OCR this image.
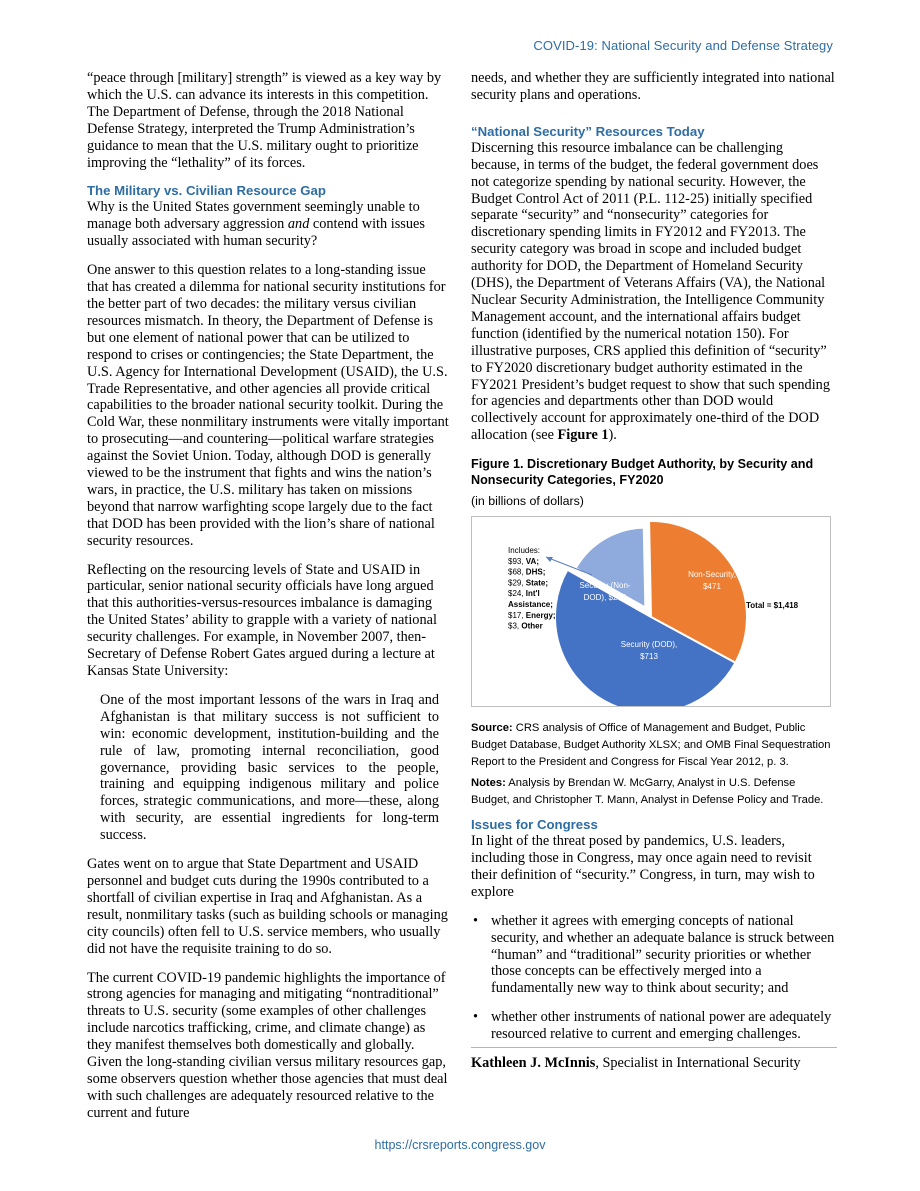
COVID-19: National Security and Defense Strategy

“peace through [military] strength” is viewed as a key way by which the U.S. can advance its interests in this competition. The Department of Defense, through the 2018 National Defense Strategy, interpreted the Trump Administration’s guidance to mean that the U.S. military ought to prioritize improving the “lethality” of its forces.

The Military vs. Civilian Resource Gap

Why is the United States government seemingly unable to manage both adversary aggression and contend with issues usually associated with human security?

One answer to this question relates to a long-standing issue that has created a dilemma for national security institutions for the better part of two decades: the military versus civilian resources mismatch. In theory, the Department of Defense is but one element of national power that can be utilized to respond to crises or contingencies; the State Department, the U.S. Agency for International Development (USAID), the U.S. Trade Representative, and other agencies all provide critical capabilities to the broader national security toolkit. During the Cold War, these nonmilitary instruments were vitally important to prosecuting—and countering—political warfare strategies against the Soviet Union. Today, although DOD is generally viewed to be the instrument that fights and wins the nation’s wars, in practice, the U.S. military has taken on missions beyond that narrow warfighting scope largely due to the fact that DOD has been provided with the lion’s share of national security resources.

Reflecting on the resourcing levels of State and USAID in particular, senior national security officials have long argued that this authorities-versus-resources imbalance is damaging the United States’ ability to grapple with a variety of national security challenges. For example, in November 2007, then-Secretary of Defense Robert Gates argued during a lecture at Kansas State University:

One of the most important lessons of the wars in Iraq and Afghanistan is that military success is not sufficient to win: economic development, institution-building and the rule of law, promoting internal reconciliation, good governance, providing basic services to the people, training and equipping indigenous military and police forces, strategic communications, and more—these, along with security, are essential ingredients for long-term success.

Gates went on to argue that State Department and USAID personnel and budget cuts during the 1990s contributed to a shortfall of civilian expertise in Iraq and Afghanistan. As a result, nonmilitary tasks (such as building schools or managing city councils) often fell to U.S. service members, who usually did not have the requisite training to do so.

The current COVID-19 pandemic highlights the importance of strong agencies for managing and mitigating “nontraditional” threats to U.S. security (some examples of other challenges include narcotics trafficking, crime, and climate change) as they manifest themselves both domestically and globally. Given the long-standing civilian versus military resources gap, some observers question whether those agencies that must deal with such challenges are adequately resourced relative to the current and future

needs, and whether they are sufficiently integrated into national security plans and operations.

“National Security” Resources Today

Discerning this resource imbalance can be challenging because, in terms of the budget, the federal government does not categorize spending by national security. However, the Budget Control Act of 2011 (P.L. 112-25) initially specified separate “security” and “nonsecurity” categories for discretionary spending limits in FY2012 and FY2013. The security category was broad in scope and included budget authority for DOD, the Department of Homeland Security (DHS), the Department of Veterans Affairs (VA), the National Nuclear Security Administration, the Intelligence Community Management account, and the international affairs budget function (identified by the numerical notation 150). For illustrative purposes, CRS applied this definition of “security” to FY2020 discretionary budget authority estimated in the FY2021 President’s budget request to show that such spending for agencies and departments other than DOD would collectively account for approximately one-third of the DOD allocation (see Figure 1).

Figure 1. Discretionary Budget Authority, by Security and Nonsecurity Categories, FY2020
(in billions of dollars)
Non-Security,
$471
Security (DOD),
$713
Security (Non-
DOD), $234
Total = $1,418
Includes: $93, VA; $68, DHS; $29, State; $24, Int'l Assistance; $17, Energy; $3, Other
Source: CRS analysis of Office of Management and Budget, Public Budget Database, Budget Authority XLSX; and OMB Final Sequestration Report to the President and Congress for Fiscal Year 2012, p. 3.
Notes: Analysis by Brendan W. McGarry, Analyst in U.S. Defense Budget, and Christopher T. Mann, Analyst in Defense Policy and Trade.
Issues for Congress

In light of the threat posed by pandemics, U.S. leaders, including those in Congress, may once again need to revisit their definition of “security.” Congress, in turn, may wish to explore

• whether it agrees with emerging concepts of national security, and whether an adequate balance is struck between “human” and “traditional” security priorities or whether those concepts can be effectively merged into a fundamentally new way to think about security; and
• whether other instruments of national power are adequately resourced relative to current and emerging challenges.
Kathleen J. McInnis, Specialist in International Security
https://crsreports.congress.gov
